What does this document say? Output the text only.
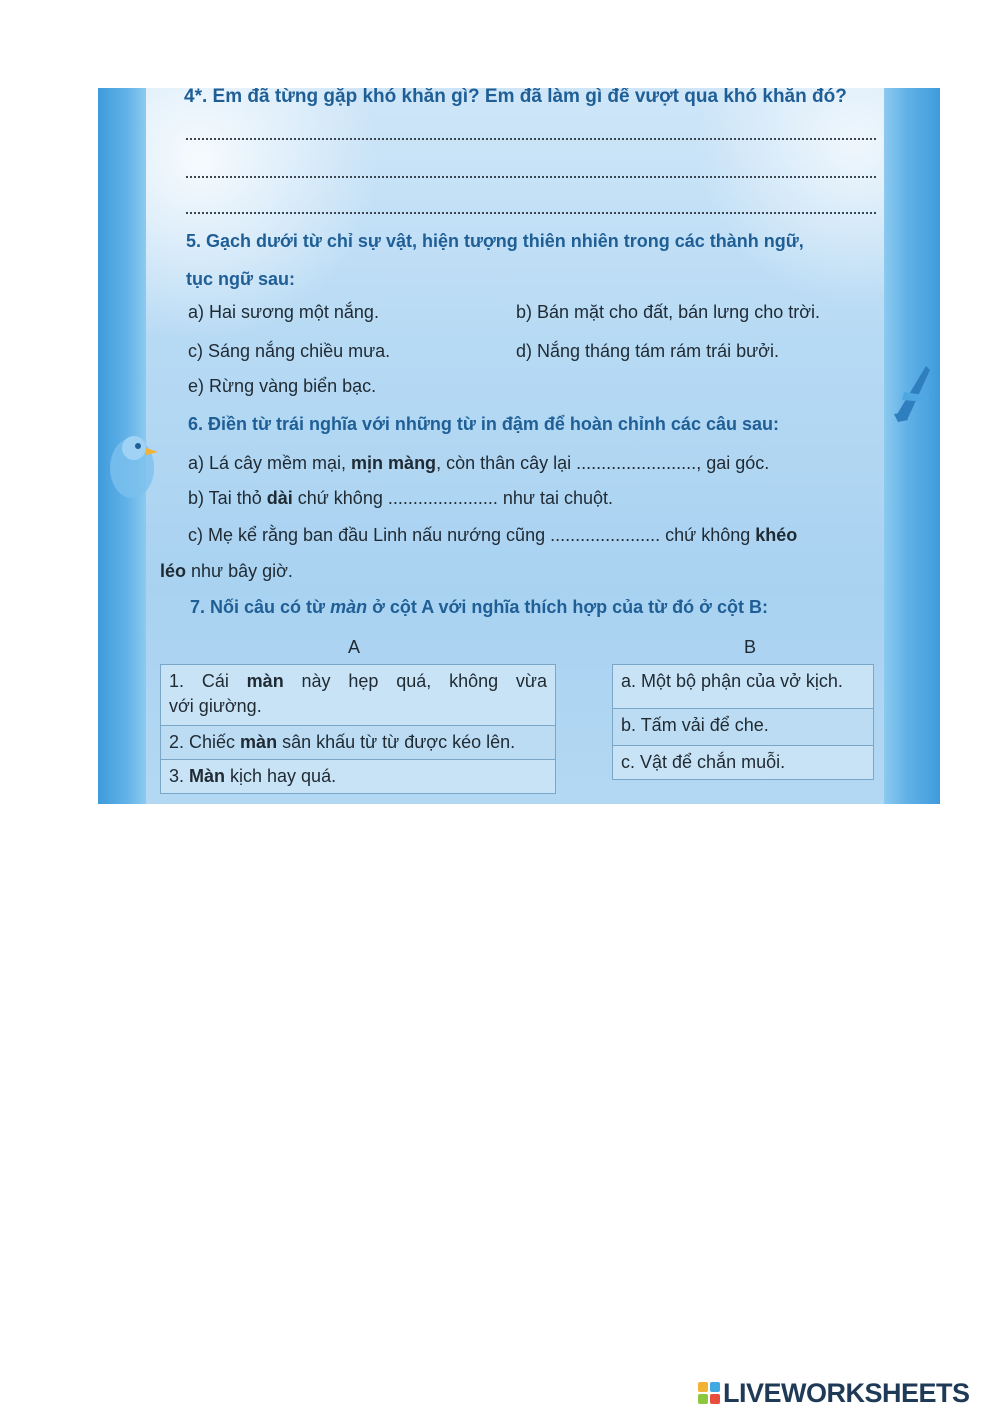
4*. Em đã từng gặp khó khăn gì? Em đã làm gì để vượt qua khó khăn đó?
5. Gạch dưới từ chỉ sự vật, hiện tượng thiên nhiên trong các thành ngữ,
tục ngữ sau:
a) Hai sương một nắng.	b) Bán mặt cho đất, bán lưng cho trời.
c) Sáng nắng chiều mưa.	d) Nắng tháng tám rám trái bưởi.
e) Rừng vàng biển bạc.
6. Điền từ trái nghĩa với những từ in đậm để hoàn chỉnh các câu sau:
a) Lá cây mềm mại, mịn màng, còn thân cây lại ........................, gai góc.
b) Tai thỏ dài chứ không ...................... như tai chuột.
c) Mẹ kể rằng ban đầu Linh nấu nướng cũng ...................... chứ không khéo
léo như bây giờ.
7. Nối câu có từ màn ở cột A với nghĩa thích hợp của từ đó ở cột B:
A	B
1. Cái màn này hẹp quá, không vừa
với giường.
2. Chiếc màn sân khấu từ từ được kéo lên.
3. Màn kịch hay quá.
a. Một bộ phận của vở kịch.
b. Tấm vải để che.
c. Vật để chắn muỗi.
LIVEWORKSHEETS
